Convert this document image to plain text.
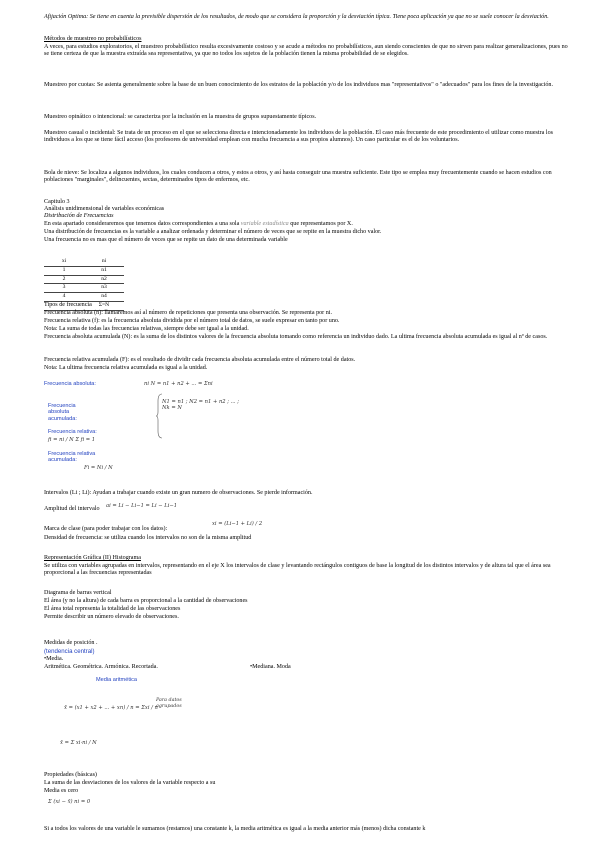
Afijación Optima: Se tiene en cuenta la previsible dispersión de los resultados, de modo que se considera la proporción y la desviación típica. Tiene poca aplicación ya que no se suele conocer la desviación.
Métodos de muestreo no probabilísticos
A veces, para estudios exploratorios, el muestreo probabilístico resulta excesivamente costoso y se acude a métodos no probabilísticos, aun siendo conscientes de que no sirven para realizar generalizaciones, pues no se tiene certeza de que la muestra extraída sea representativa, ya que no todos los sujetos de la población tienen la misma probabilidad de se elegidos.
Muestreo por cuotas: Se asienta generalmente sobre la base de un buen conocimiento de los estratos de la población y/o de los individuos mas "representativos" o "adecuados" para los fines de la investigación.
Muestreo opinático o intencional: se caracteriza por la inclusión en la muestra de grupos supuestamente típicos.
Muestreo casual o incidental: Se trata de un proceso en el que se selecciona directa e intencionadamente los individuos de la población. El caso más frecuente de este procedimiento el utilizar como muestra los individuos a los que se tiene fácil acceso (los profesores de universidad emplean con mucha frecuencia a sus propios alumnos). Un caso particular es el de los voluntarios.
Bola de nieve: Se localiza a algunos individuos, los cuales conducen a otros, y estos a otros, y así hasta conseguir una muestra suficiente. Este tipo se emplea muy frecuentemente cuando se hacen estudios con poblaciones "marginales", delincuentes, sectas, determinados tipos de enfermos, etc.
Capitulo 3
Análisis unidimensional de variables económicas
Distribución de Frecuencias
En esta apartado consideraremos que tenemos datos correspondientes a una sola variable estadística que representamos por X.
Una distribución de frecuencias es la variable a analizar ordenada y determinar el número de veces que se repite en la muestra dicho valor.
Una frecuencia no es mas que el número de veces que se repite un dato de una determinada variable
xi	ni
1	n1
2	n2
3	n3
4	n4
Σ=N
Tipos de frecuencia
Frecuencia absoluta (n): llamaremos así al número de repeticiones que presenta una observación. Se representa por ni.
Frecuencia relativa (f): es la frecuencia absoluta dividida por el número total de datos, se suele expresar en tanto por uno.
Nota: La suma de todas las frecuencias relativas, siempre debe ser igual a la unidad.
Frecuencia absoluta acumulada (N): es la suma de los distintos valores de la frecuencia absoluta tomando como referencia un individuo dado. La ultima frecuencia absoluta acumulada es igual al nº de casos.
Frecuencia relativa acumulada (F): es el resultado de dividir cada frecuencia absoluta acumulada entre el número total de datos.
Nota: La ultima frecuencia relativa acumulada es igual a la unidad.
Frecuencia absoluta:	ni N = n1 + n2 + ... = Σni
Frecuencia absoluta acumulada:
N1 = n1 ; N2 = n1 + n2 ; ... ; Nk = N
Frecuencia relativa:
fi = ni / N Σ fi = 1
Frecuencia relativa acumulada:
Fi = Ni / N
Intervalos (Li ; Li): Ayudan a trabajar cuando existe un gran numero de observaciones. Se pierde información.
Amplitud del intervalo	ai = Li − Li−1 = Li − Li−1
Marca de clase (para poder trabajar con los datos):
xi = (Li−1 + Li) / 2
Densidad de frecuencia: se utiliza cuando los intervalos no son de la misma amplitud
Representación Gráfica (II) Histograma
Se utiliza con variables agrupadas en intervalos, representando en el eje X los intervalos de clase y levantando rectángulos contiguos de base la longitud de los distintos intervalos y de altura tal que el área sea proporcional a las frecuencias representadas
Diagrama de barras vertical
El área (y no la altura) de cada barra es proporcional a la cantidad de observaciones
El área total representa la totalidad de las observaciones
Permite describir un número elevado de observaciones.
Medidas de posición .
(tendencia central)
•Media.
Aritmética. Geométrica. Armónica. Recortada.	•Mediana. Moda
Media aritmética
x̄ = (x1 + x2 + ... + xn) / n = Σxi / n
Para datos agrupados
x̄ = Σ xi·ni / N
Propiedades (básicas)
La suma de las desviaciones de los valores de la variable respecto a su
Media es cero
Σ (xi − x̄) ni = 0
Si a todos los valores de una variable le sumamos (restamos) una constante k, la media aritmética es igual a la media anterior más (menos) dicha constante k
